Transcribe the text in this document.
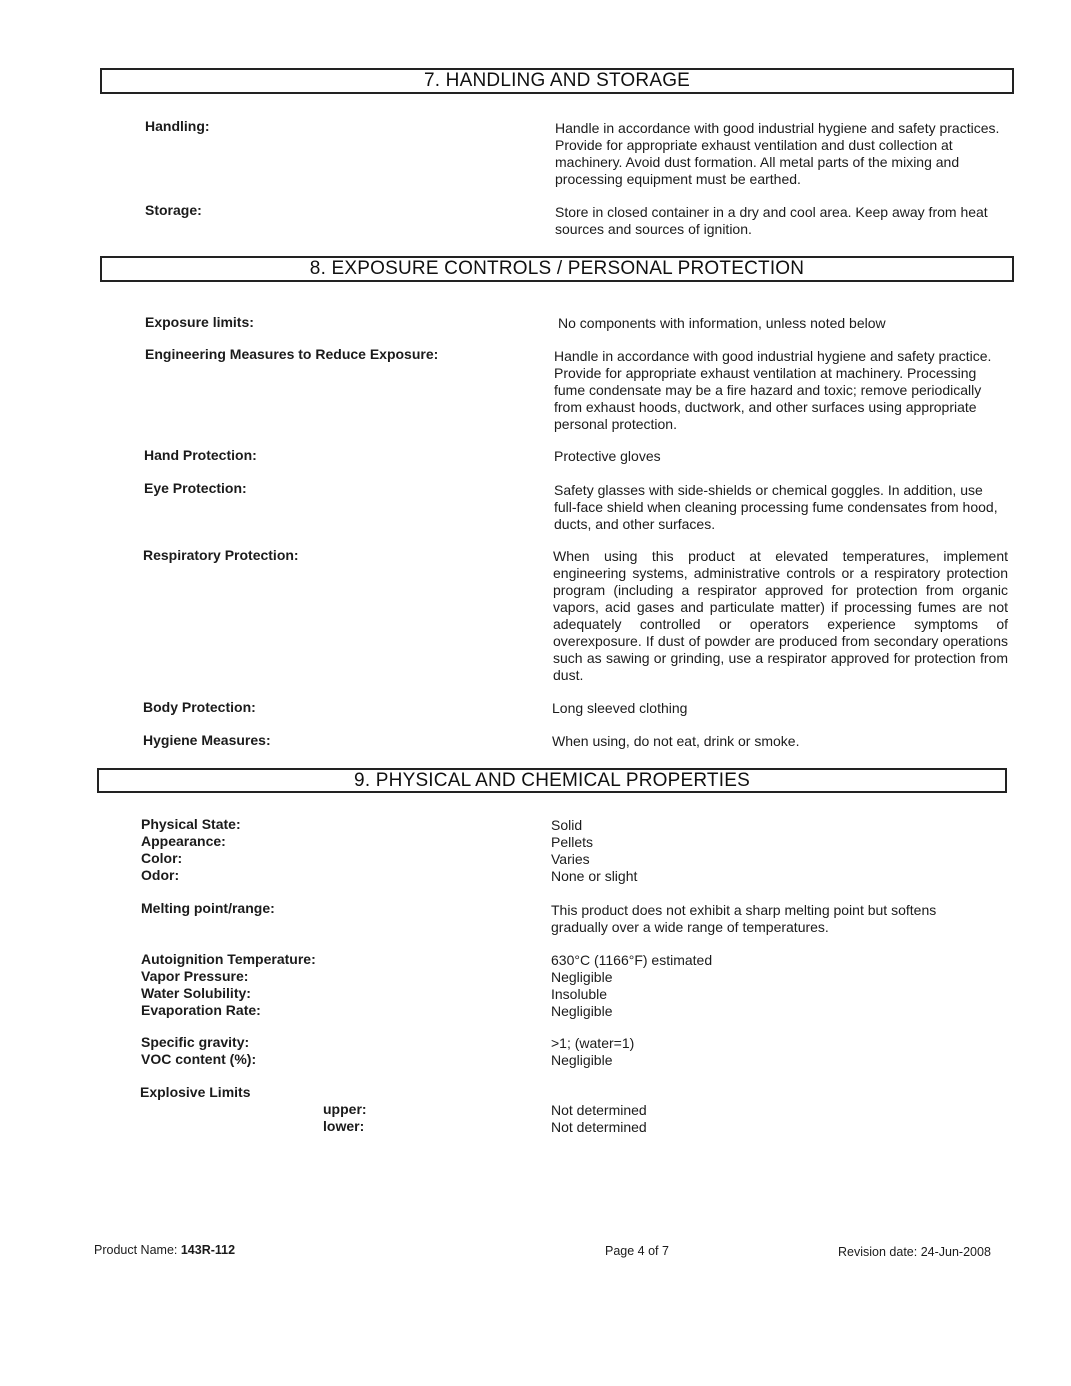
7. HANDLING AND STORAGE
Handling:	Handle in accordance with good industrial hygiene and safety practices. Provide for appropriate exhaust ventilation and dust collection at machinery. Avoid dust formation. All metal parts of the mixing and processing equipment must be earthed.
Storage:	Store in closed container in a dry and cool area. Keep away from heat sources and sources of ignition.
8. EXPOSURE CONTROLS / PERSONAL PROTECTION
Exposure limits:	No components with information, unless noted below
Engineering Measures to Reduce Exposure:	Handle in accordance with good industrial hygiene and safety practice. Provide for appropriate exhaust ventilation at machinery. Processing fume condensate may be a fire hazard and toxic; remove periodically from exhaust hoods, ductwork, and other surfaces using appropriate personal protection.
Hand Protection:	Protective gloves
Eye Protection:	Safety glasses with side-shields or chemical goggles. In addition, use full-face shield when cleaning processing fume condensates from hood, ducts, and other surfaces.
Respiratory Protection:	When using this product at elevated temperatures, implement engineering systems, administrative controls or a respiratory protection program (including a respirator approved for protection from organic vapors, acid gases and particulate matter) if processing fumes are not adequately controlled or operators experience symptoms of overexposure. If dust of powder are produced from secondary operations such as sawing or grinding, use a respirator approved for protection from dust.
Body Protection:	Long sleeved clothing
Hygiene Measures:	When using, do not eat, drink or smoke.
9. PHYSICAL AND CHEMICAL PROPERTIES
Physical State:	Solid
Appearance:	Pellets
Color:	Varies
Odor:	None or slight
Melting point/range:	This product does not exhibit a sharp melting point but softens gradually over a wide range of temperatures.
Autoignition Temperature:	630°C (1166°F) estimated
Vapor Pressure:	Negligible
Water Solubility:	Insoluble
Evaporation Rate:	Negligible
Specific gravity:	>1; (water=1)
VOC content (%):	Negligible
Explosive Limits
upper:	Not determined
lower:	Not determined
Product Name: 143R-112	Page 4 of 7	Revision date: 24-Jun-2008
